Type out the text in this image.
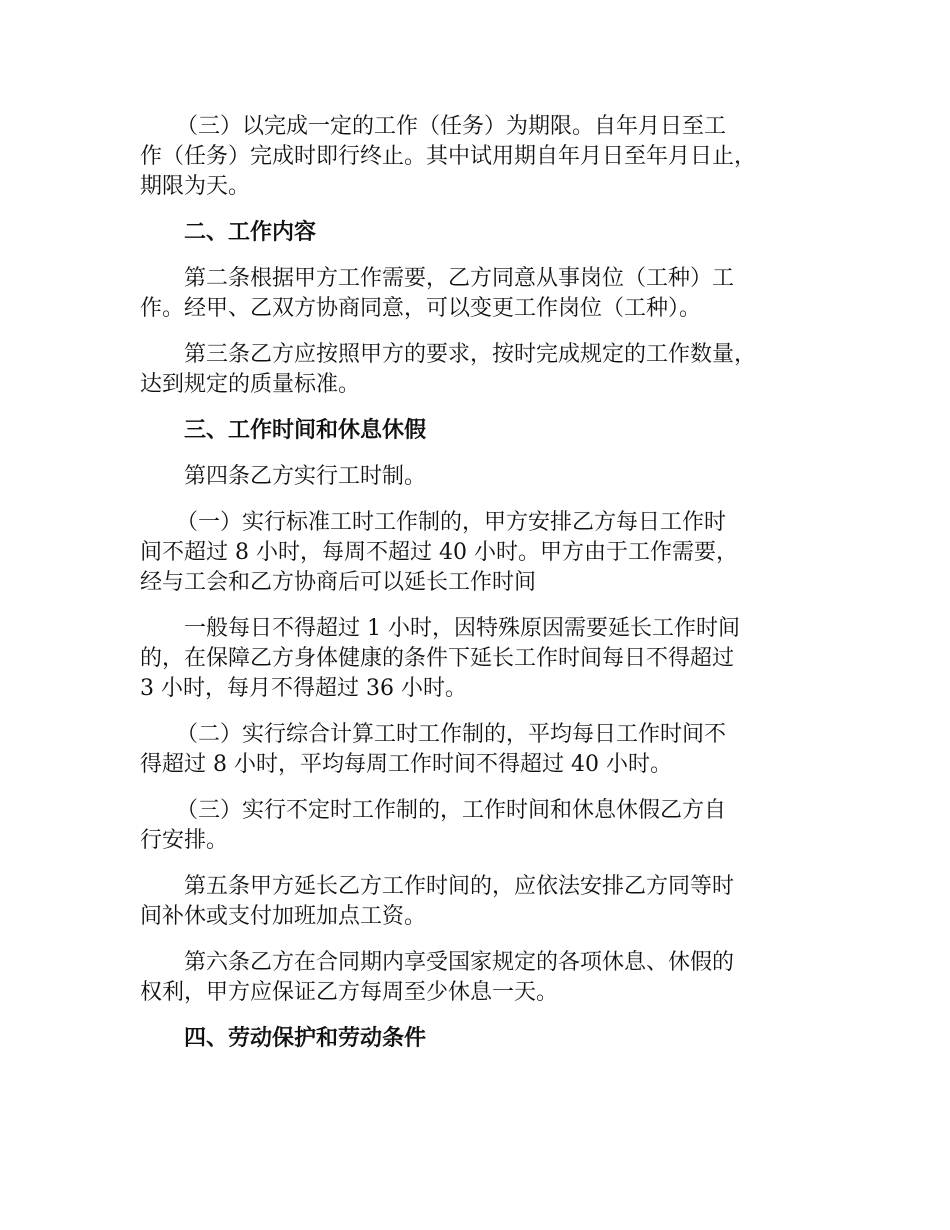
（三）以完成一定的工作（任务）为期限。自年月日至工
作（任务）完成时即行终止。其中试用期自年月日至年月日止，
期限为天。

二、工作内容

第二条根据甲方工作需要，乙方同意从事岗位（工种）工
作。经甲、乙双方协商同意，可以变更工作岗位（工种）。

第三条乙方应按照甲方的要求，按时完成规定的工作数量，
达到规定的质量标准。

三、工作时间和休息休假

第四条乙方实行工时制。

（一）实行标准工时工作制的，甲方安排乙方每日工作时
间不超过 8 小时，每周不超过 40 小时。甲方由于工作需要，
经与工会和乙方协商后可以延长工作时间

一般每日不得超过 1 小时，因特殊原因需要延长工作时间
的，在保障乙方身体健康的条件下延长工作时间每日不得超过
3 小时，每月不得超过 36 小时。

（二）实行综合计算工时工作制的，平均每日工作时间不
得超过 8 小时，平均每周工作时间不得超过 40 小时。

（三）实行不定时工作制的，工作时间和休息休假乙方自
行安排。

第五条甲方延长乙方工作时间的，应依法安排乙方同等时
间补休或支付加班加点工资。

第六条乙方在合同期内享受国家规定的各项休息、休假的
权利，甲方应保证乙方每周至少休息一天。

四、劳动保护和劳动条件
